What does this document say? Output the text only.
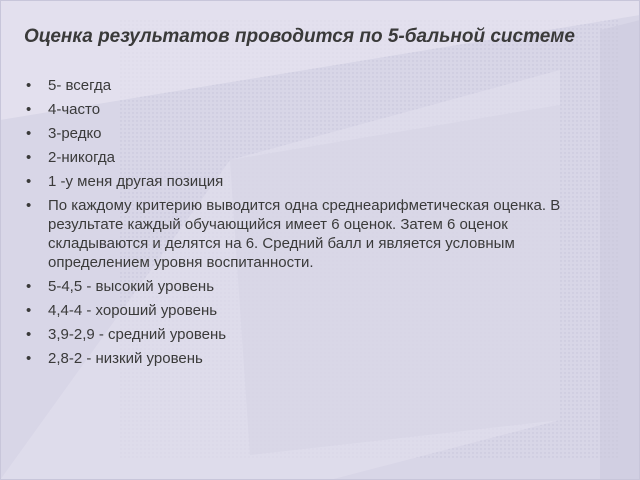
Оценка результатов проводится по 5-бальной системе
• 5- всегда
• 4-часто
• 3-редко
• 2-никогда
• 1 -у меня другая позиция
• По каждому критерию выводится одна среднеарифметическая оценка. В результате каждый обучающийся имеет 6 оценок. Затем 6 оценок складываются и делятся на 6. Средний балл и является условным определением уровня воспитанности.
• 5-4,5 - высокий уровень
• 4,4-4 - хороший уровень
• 3,9-2,9 - средний уровень
• 2,8-2 - низкий уровень
